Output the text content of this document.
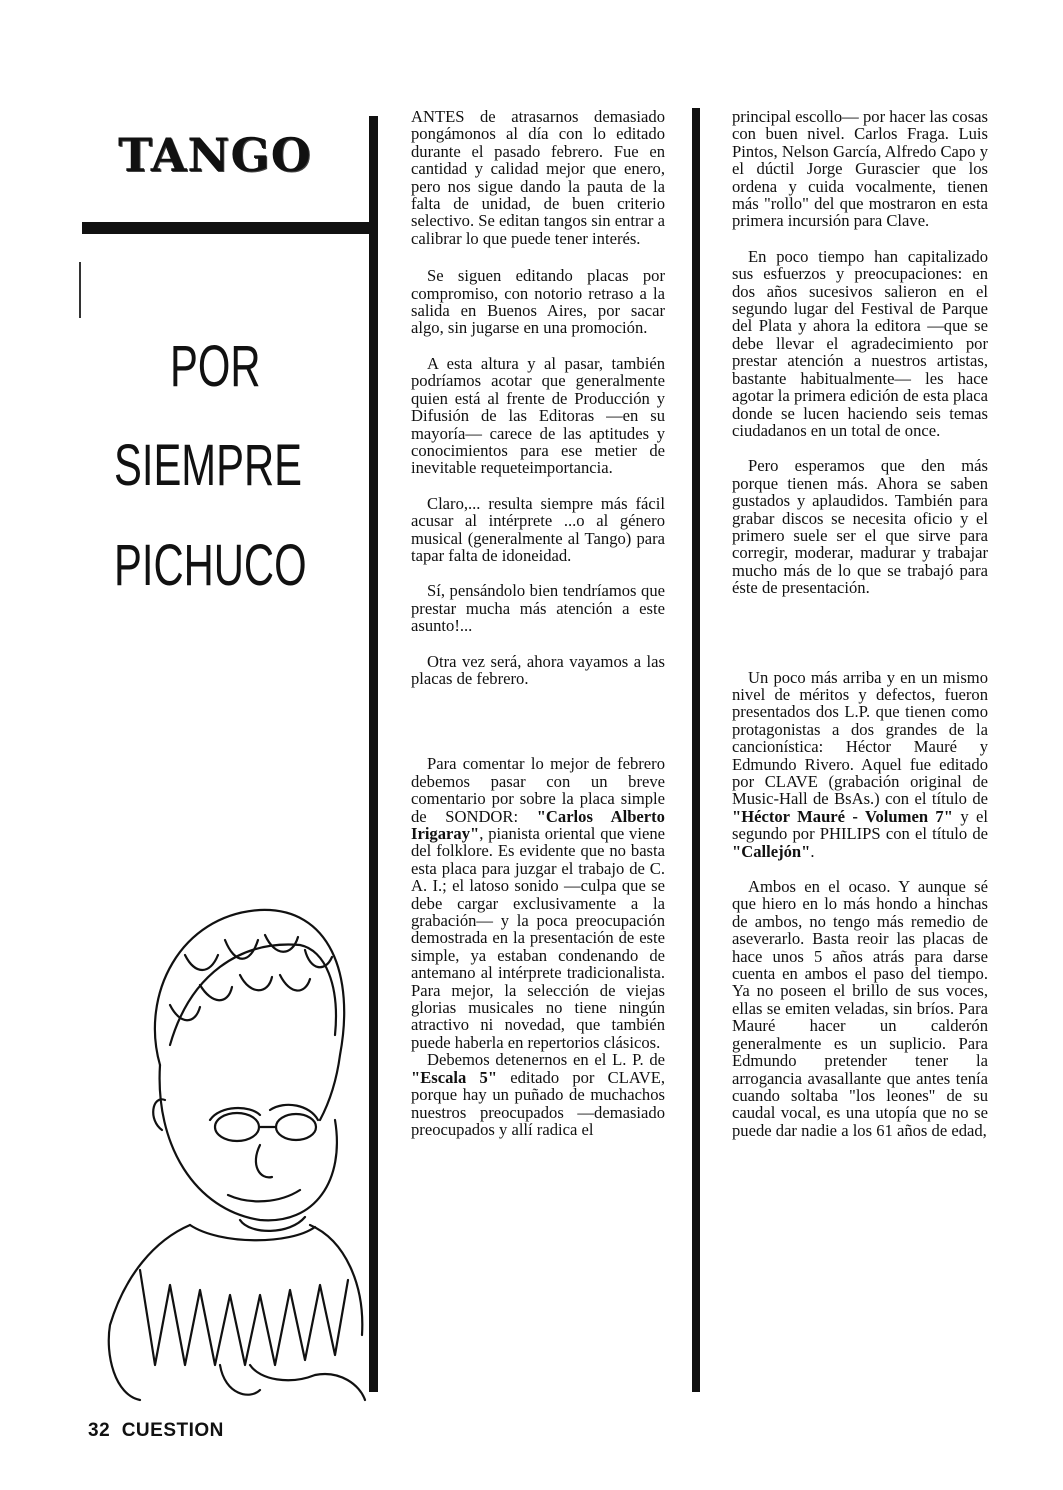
TANGO
POR
SIEMPRE
PICHUCO

ANTES de atrasarnos demasiado pongámonos al día con lo editado durante el pasado febrero. Fue en cantidad y calidad mejor que enero, pero nos sigue dando la pauta de la falta de unidad, de buen criterio selectivo. Se editan tangos sin entrar a calibrar lo que puede tener interés.

Se siguen editando placas por compromiso, con notorio retraso a la salida en Buenos Aires, por sacar algo, sin jugarse en una promoción.

A esta altura y al pasar, también podríamos acotar que generalmente quien está al frente de Producción y Difusión de las Editoras —en su mayoría— carece de las aptitudes y conocimientos para ese metier de inevitable requeteimportancia.

Claro,... resulta siempre más fácil acusar al intérprete ...o al género musical (generalmente al Tango) para tapar falta de idoneidad.

Sí, pensándolo bien tendríamos que prestar mucha más atención a este asunto!...

Otra vez será, ahora vayamos a las placas de febrero.

Para comentar lo mejor de febrero debemos pasar con un breve comentario por sobre la placa simple de SONDOR: "Carlos Alberto Irigaray", pianista oriental que viene del folklore. Es evidente que no basta esta placa para juzgar el trabajo de C. A. I.; el latoso sonido —culpa que se debe cargar exclusivamente a la grabación— y la poca preocupación demostrada en la presentación de este simple, ya estaban condenando de antemano al intérprete tradicionalista. Para mejor, la selección de viejas glorias musicales no tiene ningún atractivo ni novedad, que también puede haberla en repertorios clásicos.

Debemos detenernos en el L. P. de "Escala 5" editado por CLAVE, porque hay un puñado de muchachos nuestros preocupados —demasiado preocupados y allí radica el

principal escollo— por hacer las cosas con buen nivel. Carlos Fraga. Luis Pintos, Nelson García, Alfredo Capo y el dúctil Jorge Gurascier que los ordena y cuida vocalmente, tienen más "rollo" del que mostraron en esta primera incursión para Clave.

En poco tiempo han capitalizado sus esfuerzos y preocupaciones: en dos años sucesivos salieron en el segundo lugar del Festival de Parque del Plata y ahora la editora —que se debe llevar el agradecimiento por prestar atención a nuestros artistas, bastante habitualmente— les hace agotar la primera edición de esta placa donde se lucen haciendo seis temas ciudadanos en un total de once.

Pero esperamos que den más porque tienen más. Ahora se saben gustados y aplaudidos. También para grabar discos se necesita oficio y el primero suele ser el que sirve para corregir, moderar, madurar y trabajar mucho más de lo que se trabajó para éste de presentación.

Un poco más arriba y en un mismo nivel de méritos y defectos, fueron presentados dos L.P. que tienen como protagonistas a dos grandes de la cancionística: Héctor Mauré y Edmundo Rivero. Aquel fue editado por CLAVE (grabación original de Music-Hall de BsAs.) con el título de "Héctor Mauré - Volumen 7" y el segundo por PHILIPS con el título de "Callejón".

Ambos en el ocaso. Y aunque sé que hiero en lo más hondo a hinchas de ambos, no tengo más remedio de aseverarlo. Basta reoir las placas de hace unos 5 años atrás para darse cuenta en ambos el paso del tiempo. Ya no poseen el brillo de sus voces, ellas se emiten veladas, sin bríos. Para Mauré hacer un calderón generalmente es un suplicio. Para Edmundo pretender tener la arrogancia avasallante que antes tenía cuando soltaba "los leones" de su caudal vocal, es una utopía que no se puede dar nadie a los 61 años de edad,

32 CUESTION
